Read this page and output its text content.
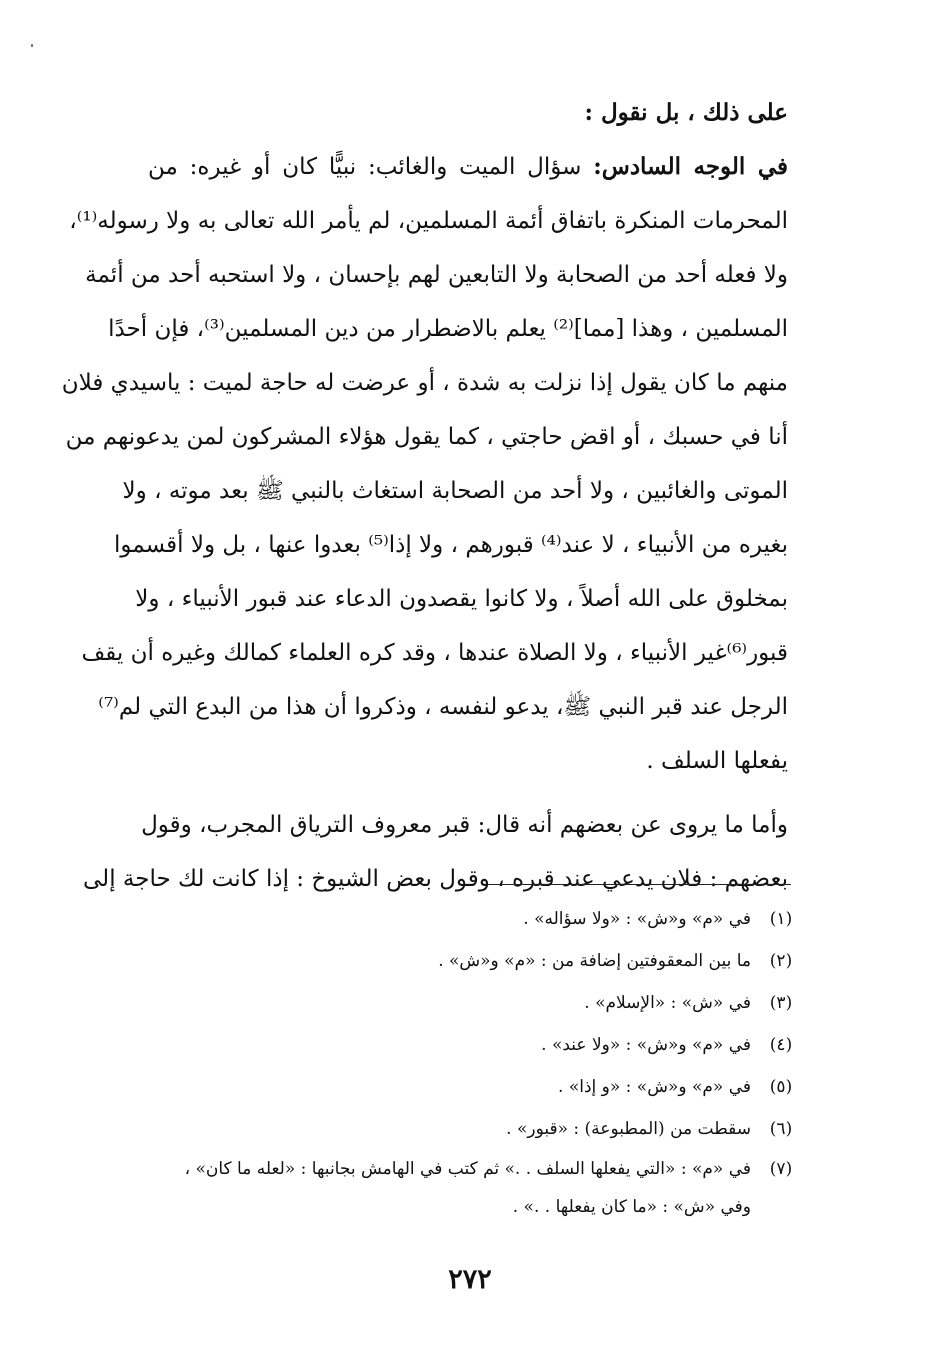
على ذلك ، بل نقول :
في الوجه السادس: سؤال الميت والغائب: نبيًّا كان أو غيره: من
المحرمات المنكرة باتفاق أئمة المسلمين، لم يأمر الله تعالى به ولا رسوله⁽¹⁾،
ولا فعله أحد من الصحابة ولا التابعين لهم بإحسان ، ولا استحبه أحد من أئمة
المسلمين ، وهذا [مما]⁽²⁾ يعلم بالاضطرار من دين المسلمين⁽³⁾، فإن أحدًا
منهم ما كان يقول إذا نزلت به شدة ، أو عرضت له حاجة لميت : ياسيدي فلان
أنا في حسبك ، أو اقض حاجتي ، كما يقول هؤلاء المشركون لمن يدعونهم من
الموتى والغائبين ، ولا أحد من الصحابة استغاث بالنبي ﷺ بعد موته ، ولا
بغيره من الأنبياء ، لا عند⁽⁴⁾ قبورهم ، ولا إذا⁽⁵⁾ بعدوا عنها ، بل ولا أقسموا
بمخلوق على الله أصلاً ، ولا كانوا يقصدون الدعاء عند قبور الأنبياء ، ولا
قبور⁽⁶⁾غير الأنبياء ، ولا الصلاة عندها ، وقد كره العلماء كمالك وغيره أن يقف
الرجل عند قبر النبي ﷺ، يدعو لنفسه ، وذكروا أن هذا من البدع التي لم⁽⁷⁾
يفعلها السلف .
وأما ما يروى عن بعضهم أنه قال: قبر معروف الترياق المجرب، وقول
بعضهم : فلان يدعي عند قبره ، وقول بعض الشيوخ : إذا كانت لك حاجة إلى
(١)
في «م» و«ش» : «ولا سؤاله» .
(٢)
ما بين المعقوفتين إضافة من : «م» و«ش» .
(٣)
في «ش» : «الإسلام» .
(٤)
في «م» و«ش» : «ولا عند» .
(٥)
في «م» و«ش» : «و إذا» .
(٦)
سقطت من (المطبوعة) : «قبور» .
(٧)
في «م» : «التي يفعلها السلف . .» ثم كتب في الهامش بجانبها : «لعله ما كان» ،
وفي «ش» : «ما كان يفعلها . .» .
٢٧٢
